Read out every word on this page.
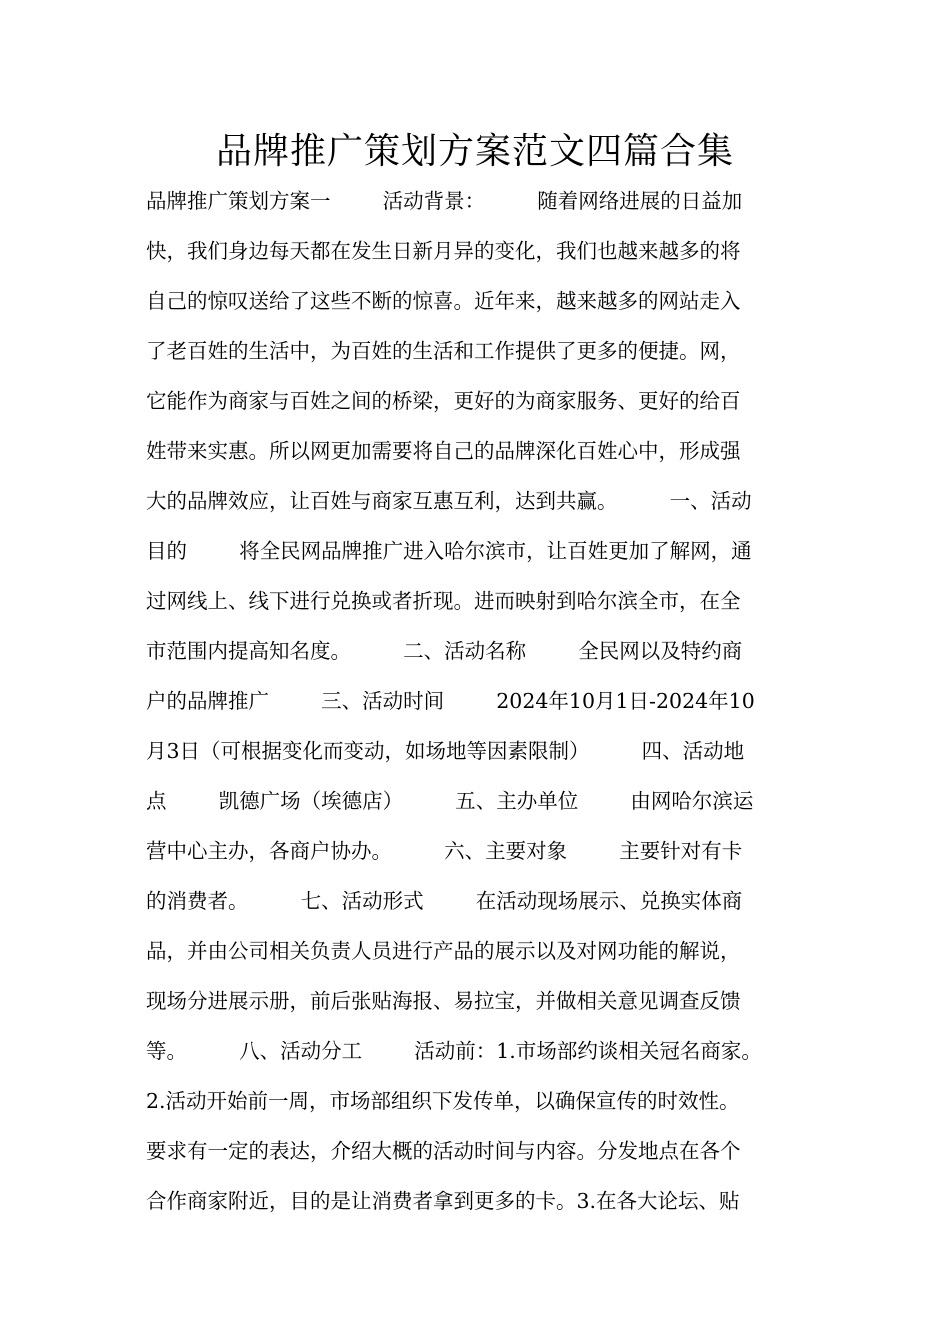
品牌推广策划方案范文四篇合集
品牌推广策划方案一        活动背景：        随着网络进展的日益加
快，我们身边每天都在发生日新月异的变化，我们也越来越多的将
自己的惊叹送给了这些不断的惊喜。近年来，越来越多的网站走入
了老百姓的生活中，为百姓的生活和工作提供了更多的便捷。网，
它能作为商家与百姓之间的桥梁，更好的为商家服务、更好的给百
姓带来实惠。所以网更加需要将自己的品牌深化百姓心中，形成强
大的品牌效应，让百姓与商家互惠互利，达到共赢。        一、活动
目的        将全民网品牌推广进入哈尔滨市，让百姓更加了解网，通
过网线上、线下进行兑换或者折现。进而映射到哈尔滨全市，在全
市范围内提高知名度。        二、活动名称        全民网以及特约商
户的品牌推广        三、活动时间        2024年10月1日-2024年10
月3日（可根据变化而变动，如场地等因素限制）        四、活动地
点        凯德广场（埃德店）        五、主办单位        由网哈尔滨运
营中心主办，各商户协办。        六、主要对象        主要针对有卡
的消费者。        七、活动形式        在活动现场展示、兑换实体商
品，并由公司相关负责人员进行产品的展示以及对网功能的解说，
现场分进展示册，前后张贴海报、易拉宝，并做相关意见调查反馈
等。        八、活动分工        活动前：1.市场部约谈相关冠名商家。
2.活动开始前一周，市场部组织下发传单，以确保宣传的时效性。
要求有一定的表达，介绍大概的活动时间与内容。分发地点在各个
合作商家附近，目的是让消费者拿到更多的卡。3.在各大论坛、贴
